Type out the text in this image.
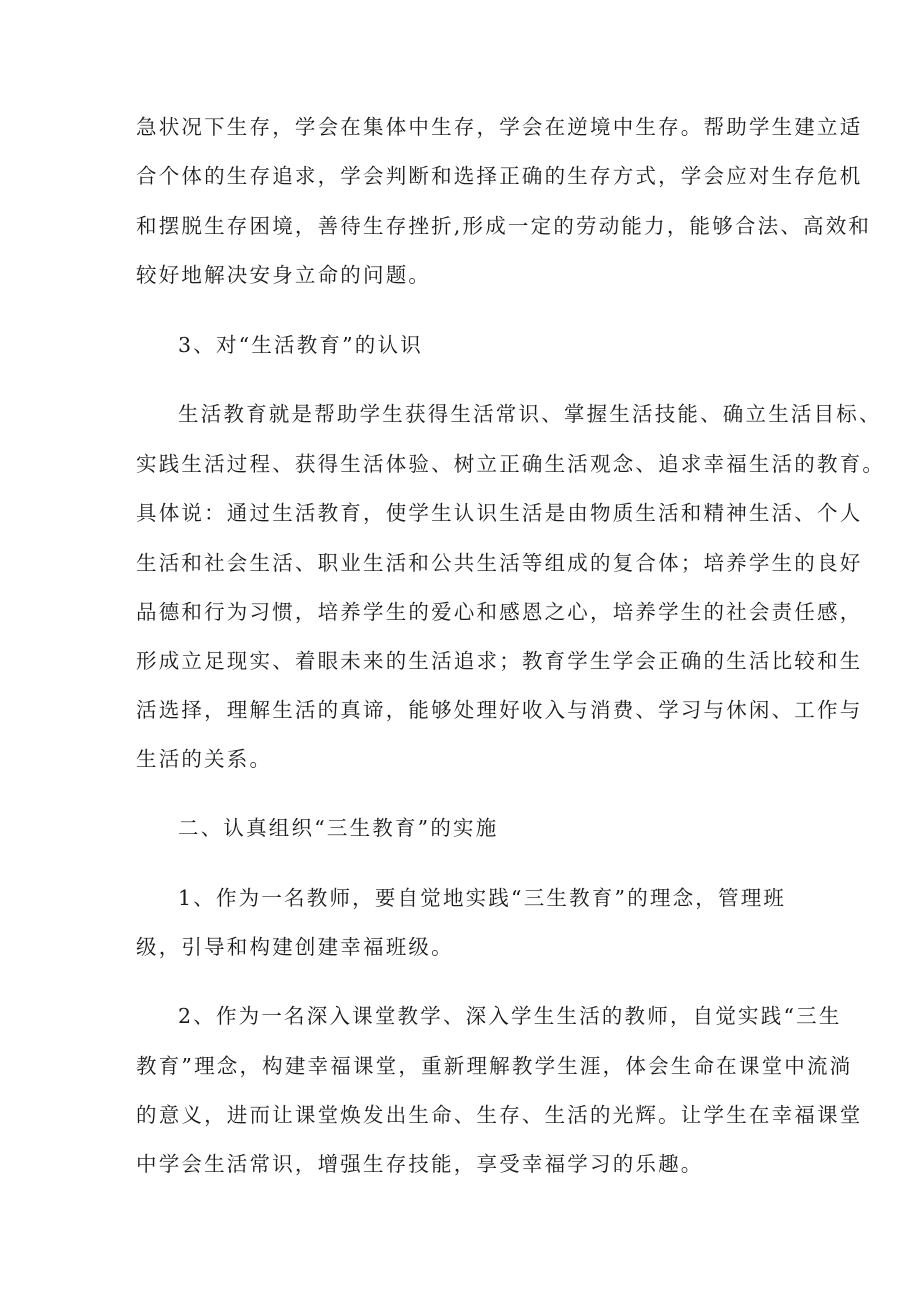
急状况下生存，学会在集体中生存，学会在逆境中生存。帮助学生建立适

合个体的生存追求，学会判断和选择正确的生存方式，学会应对生存危机

和摆脱生存困境，善待生存挫折,形成一定的劳动能力，能够合法、高效和

较好地解决安身立命的问题。

3、对“生活教育”的认识

生活教育就是帮助学生获得生活常识、掌握生活技能、确立生活目标、

实践生活过程、获得生活体验、树立正确生活观念、追求幸福生活的教育。

具体说：通过生活教育，使学生认识生活是由物质生活和精神生活、个人

生活和社会生活、职业生活和公共生活等组成的复合体；培养学生的良好

品德和行为习惯，培养学生的爱心和感恩之心，培养学生的社会责任感，

形成立足现实、着眼未来的生活追求；教育学生学会正确的生活比较和生

活选择，理解生活的真谛，能够处理好收入与消费、学习与休闲、工作与

生活的关系。

二、认真组织“三生教育”的实施

1、作为一名教师，要自觉地实践“三生教育”的理念，管理班

级，引导和构建创建幸福班级。

2、作为一名深入课堂教学、深入学生生活的教师，自觉实践“三生

教育”理念，构建幸福课堂，重新理解教学生涯，体会生命在课堂中流淌

的意义，进而让课堂焕发出生命、生存、生活的光辉。让学生在幸福课堂

中学会生活常识，增强生存技能，享受幸福学习的乐趣。
